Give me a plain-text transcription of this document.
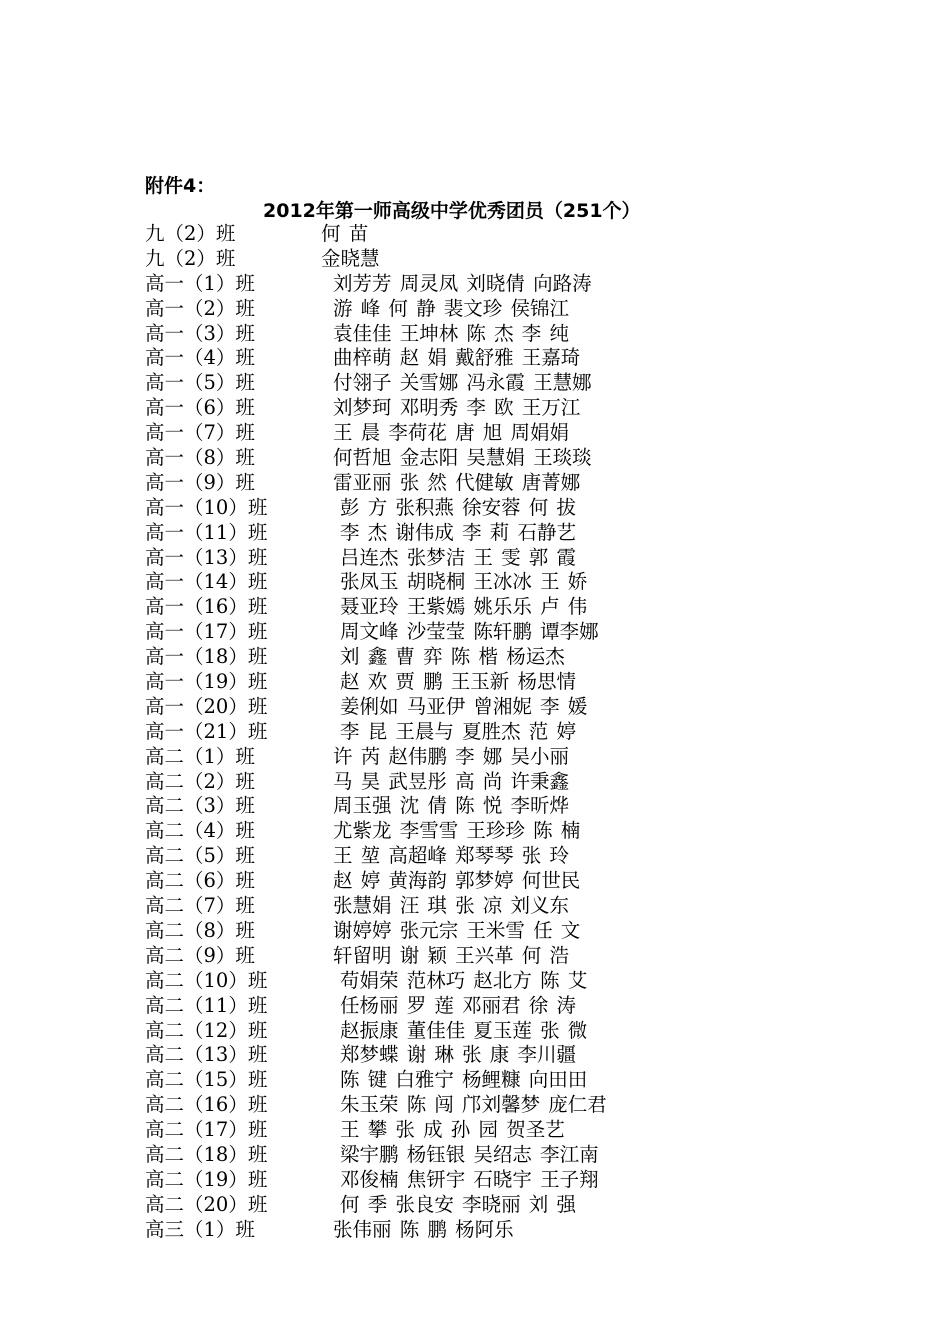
附件4：
2012年第一师高级中学优秀团员（251个）
九（2）班	何 苗
九（2）班	金晓慧
高一（1）班	刘芳芳 周灵凤 刘晓倩 向路涛
高一（2）班	游 峰 何 静 裴文珍 侯锦江
高一（3）班	袁佳佳 王坤林 陈 杰 李 纯
高一（4）班	曲梓萌 赵 娟 戴舒雅 王嘉琦
高一（5）班	付翎子 关雪娜 冯永霞 王慧娜
高一（6）班	刘梦珂 邓明秀 李 欧 王万江
高一（7）班	王 晨 李荷花 唐 旭 周娟娟
高一（8）班	何哲旭 金志阳 吴慧娟 王琰琰
高一（9）班	雷亚丽 张 然 代健敏 唐菁娜
高一（10）班	彭 方 张积燕 徐安蓉 何 拔
高一（11）班	李 杰 谢伟成 李 莉 石静艺
高一（13）班	吕连杰 张梦洁 王 雯 郭 霞
高一（14）班	张凤玉 胡晓桐 王冰冰 王 娇
高一（16）班	聂亚玲 王紫嫣 姚乐乐 卢 伟
高一（17）班	周文峰 沙莹莹 陈轩鹏 谭李娜
高一（18）班	刘 鑫 曹 弈 陈 楷 杨运杰
高一（19）班	赵 欢 贾 鹏 王玉新 杨思情
高一（20）班	姜俐如 马亚伊 曾湘妮 李 媛
高一（21）班	李 昆 王晨与 夏胜杰 范 婷
高二（1）班	许 芮 赵伟鹏 李 娜 吴小丽
高二（2）班	马 昊 武昱彤 高 尚 许秉鑫
高二（3）班	周玉强 沈 倩 陈 悦 李昕烨
高二（4）班	尤紫龙 李雪雪 王珍珍 陈 楠
高二（5）班	王 堃 高超峰 郑琴琴 张 玲
高二（6）班	赵 婷 黄海韵 郭梦婷 何世民
高二（7）班	张慧娟 汪 琪 张 凉 刘义东
高二（8）班	谢婷婷 张元宗 王米雪 任 文
高二（9）班	轩留明 谢 颖 王兴革 何 浩
高二（10）班	苟娟荣 范林巧 赵北方 陈 艾
高二（11）班	任杨丽 罗 莲 邓丽君 徐 涛
高二（12）班	赵振康 董佳佳 夏玉莲 张 微
高二（13）班	郑梦蝶 谢 琳 张 康 李川疆
高二（15）班	陈 键 白雅宁 杨鲤糠 向田田
高二（16）班	朱玉荣 陈 闯 邝刘馨梦 庞仁君
高二（17）班	王 攀 张 成 孙 园 贺圣艺
高二（18）班	梁宇鹏 杨钰银 吴绍志 李江南
高二（19）班	邓俊楠 焦钘宇 石晓宇 王子翔
高二（20）班	何 季 张良安 李晓丽 刘 强
高三（1）班	张伟丽 陈 鹏 杨阿乐
